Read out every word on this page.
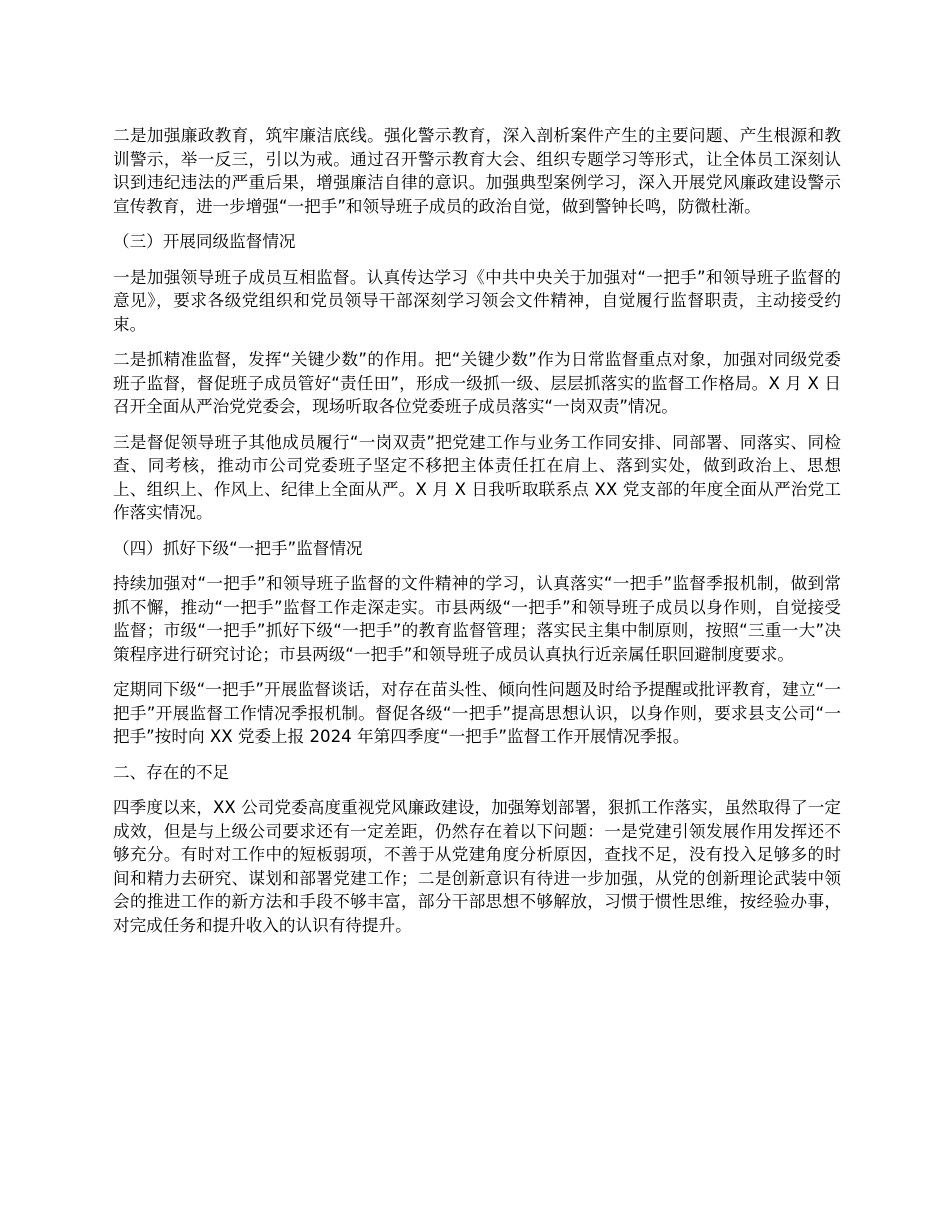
二是加强廉政教育，筑牢廉洁底线。强化警示教育，深入剖析案件产生的主要问题、产生根源和教训警示，举一反三，引以为戒。通过召开警示教育大会、组织专题学习等形式，让全体员工深刻认识到违纪违法的严重后果，增强廉洁自律的意识。加强典型案例学习，深入开展党风廉政建设警示宣传教育，进一步增强“一把手”和领导班子成员的政治自觉，做到警钟长鸣，防微杜渐。

（三）开展同级监督情况

一是加强领导班子成员互相监督。认真传达学习《中共中央关于加强对“一把手”和领导班子监督的意见》，要求各级党组织和党员领导干部深刻学习领会文件精神，自觉履行监督职责，主动接受约束。

二是抓精准监督，发挥“关键少数”的作用。把“关键少数”作为日常监督重点对象，加强对同级党委班子监督，督促班子成员管好“责任田”，形成一级抓一级、层层抓落实的监督工作格局。X 月 X 日召开全面从严治党党委会，现场听取各位党委班子成员落实“一岗双责”情况。

三是督促领导班子其他成员履行“一岗双责”把党建工作与业务工作同安排、同部署、同落实、同检查、同考核，推动市公司党委班子坚定不移把主体责任扛在肩上、落到实处，做到政治上、思想上、组织上、作风上、纪律上全面从严。X 月 X 日我听取联系点 XX 党支部的年度全面从严治党工作落实情况。

（四）抓好下级“一把手”监督情况

持续加强对“一把手”和领导班子监督的文件精神的学习，认真落实“一把手”监督季报机制，做到常抓不懈，推动“一把手”监督工作走深走实。市县两级“一把手”和领导班子成员以身作则，自觉接受监督；市级“一把手”抓好下级“一把手”的教育监督管理；落实民主集中制原则，按照“三重一大”决策程序进行研究讨论；市县两级“一把手”和领导班子成员认真执行近亲属任职回避制度要求。

定期同下级“一把手”开展监督谈话，对存在苗头性、倾向性问题及时给予提醒或批评教育，建立“一把手”开展监督工作情况季报机制。督促各级“一把手”提高思想认识，以身作则，要求县支公司“一把手”按时向 XX 党委上报 2024 年第四季度“一把手”监督工作开展情况季报。

二、存在的不足

四季度以来，XX 公司党委高度重视党风廉政建设，加强筹划部署，狠抓工作落实，虽然取得了一定成效，但是与上级公司要求还有一定差距，仍然存在着以下问题：一是党建引领发展作用发挥还不够充分。有时对工作中的短板弱项，不善于从党建角度分析原因，查找不足，没有投入足够多的时间和精力去研究、谋划和部署党建工作；二是创新意识有待进一步加强，从党的创新理论武装中领会的推进工作的新方法和手段不够丰富，部分干部思想不够解放，习惯于惯性思维，按经验办事，对完成任务和提升收入的认识有待提升。
